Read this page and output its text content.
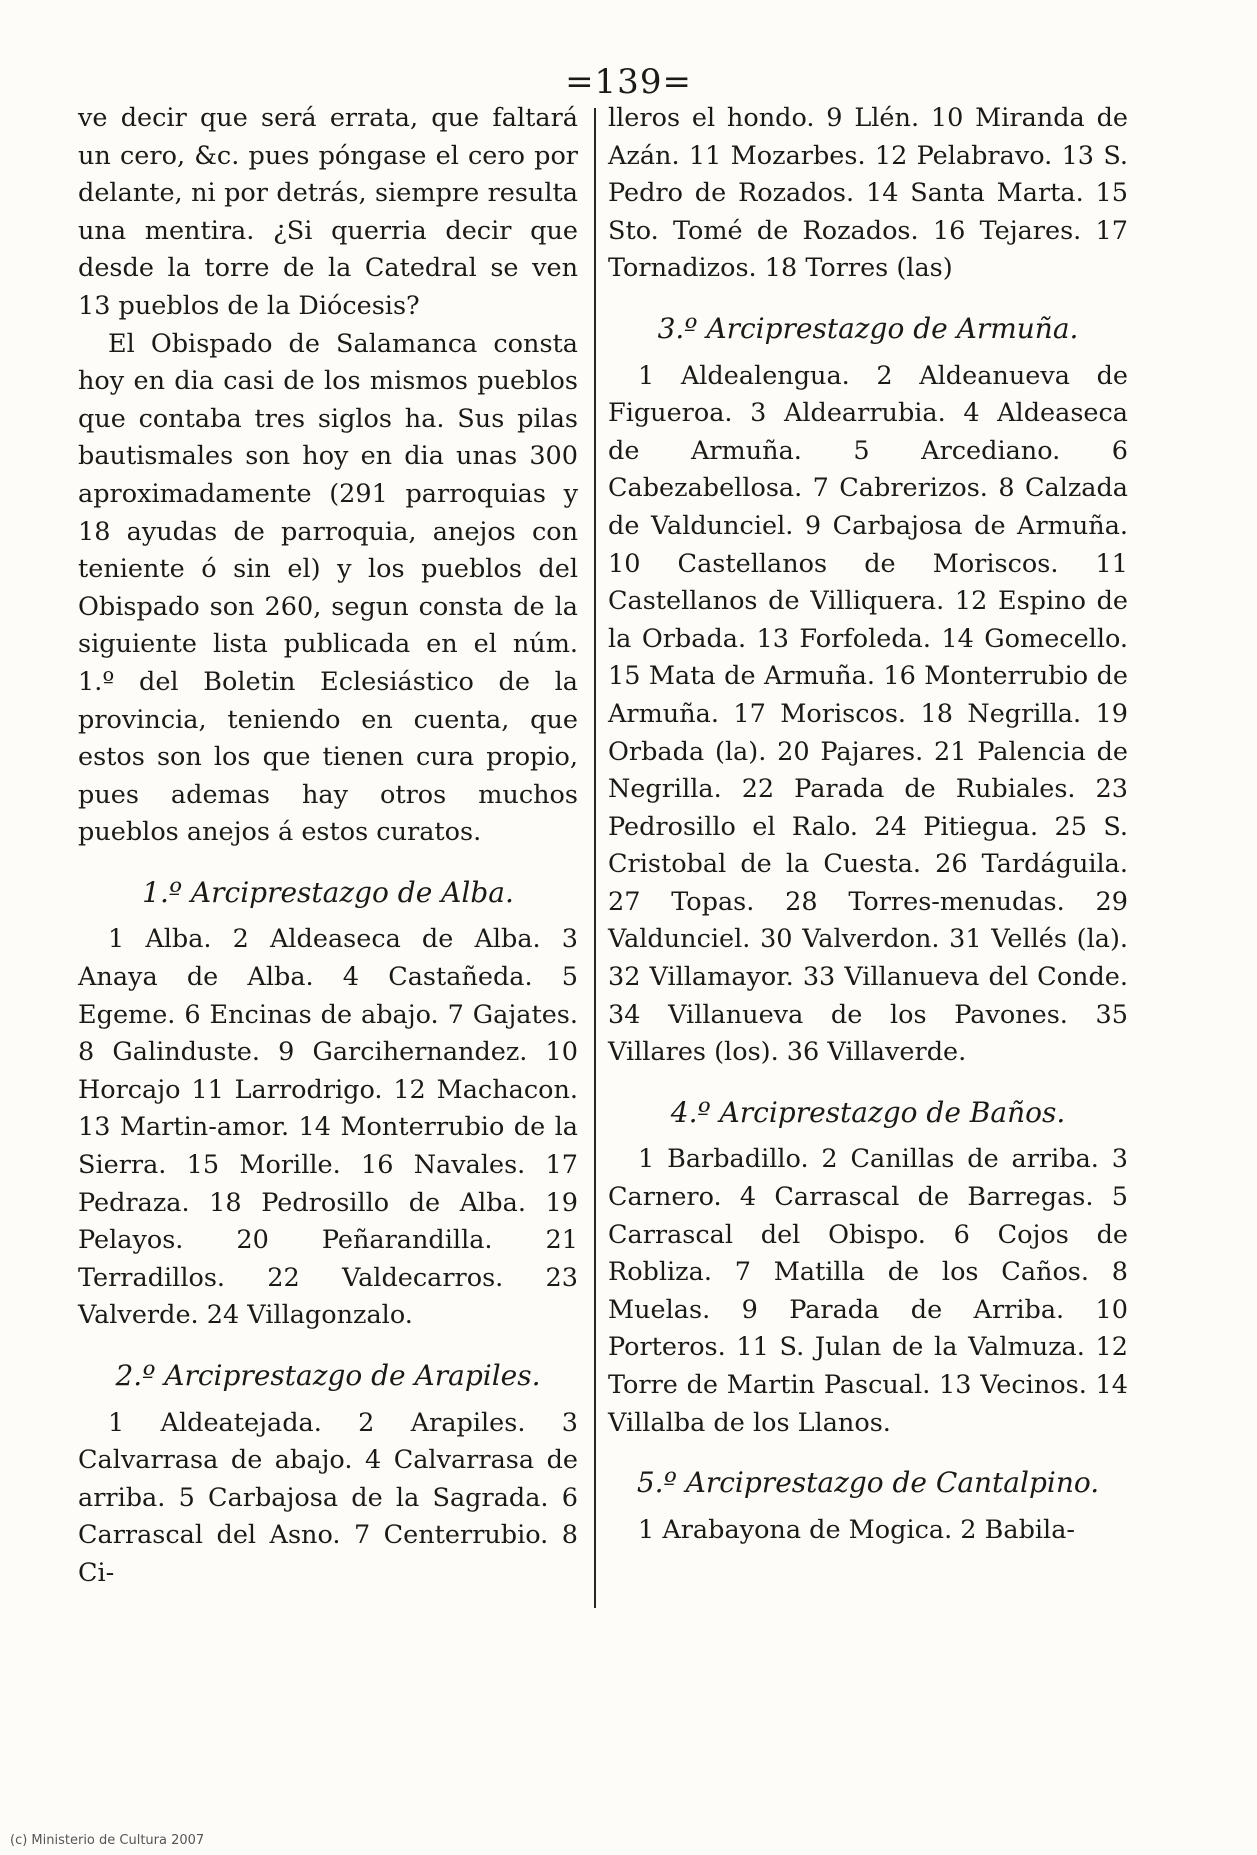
=139=

ve decir que será errata, que faltará un cero, &c. pues póngase el cero por delante, ni por detrás, siempre resulta una mentira. ¿Si querria decir que desde la torre de la Catedral se ven 13 pueblos de la Diócesis?

El Obispado de Salamanca consta hoy en dia casi de los mismos pueblos que contaba tres siglos ha. Sus pilas bautismales son hoy en dia unas 300 aproximadamente (291 parroquias y 18 ayudas de parroquia, anejos con teniente ó sin el) y los pueblos del Obispado son 260, segun consta de la siguiente lista publicada en el núm. 1.º del Boletin Eclesiástico de la provincia, teniendo en cuenta, que estos son los que tienen cura propio, pues ademas hay otros muchos pueblos anejos á estos curatos.

1.º Arciprestazgo de Alba.

1 Alba. 2 Aldeaseca de Alba. 3 Anaya de Alba. 4 Castañeda. 5 Egeme. 6 Encinas de abajo. 7 Gajates. 8 Galinduste. 9 Garcihernandez. 10 Horcajo 11 Larrodrigo. 12 Machacon. 13 Martin-amor. 14 Monterrubio de la Sierra. 15 Morille. 16 Navales. 17 Pedraza. 18 Pedrosillo de Alba. 19 Pelayos. 20 Peñarandilla. 21 Terradillos. 22 Valdecarros. 23 Valverde. 24 Villagonzalo.

2.º Arciprestazgo de Arapiles.

1 Aldeatejada. 2 Arapiles. 3 Calvarrasa de abajo. 4 Calvarrasa de arriba. 5 Carbajosa de la Sagrada. 6 Carrascal del Asno. 7 Centerrubio. 8 Ci-

lleros el hondo. 9 Llén. 10 Miranda de Azán. 11 Mozarbes. 12 Pelabravo. 13 S. Pedro de Rozados. 14 Santa Marta. 15 Sto. Tomé de Rozados. 16 Tejares. 17 Tornadizos. 18 Torres (las)

3.º Arciprestazgo de Armuña.

1 Aldealengua. 2 Aldeanueva de Figueroa. 3 Aldearrubia. 4 Aldeaseca de Armuña. 5 Arcediano. 6 Cabezabellosa. 7 Cabrerizos. 8 Calzada de Valdunciel. 9 Carbajosa de Armuña. 10 Castellanos de Moriscos. 11 Castellanos de Villiquera. 12 Espino de la Orbada. 13 Forfoleda. 14 Gomecello. 15 Mata de Armuña. 16 Monterrubio de Armuña. 17 Moriscos. 18 Negrilla. 19 Orbada (la). 20 Pajares. 21 Palencia de Negrilla. 22 Parada de Rubiales. 23 Pedrosillo el Ralo. 24 Pitiegua. 25 S. Cristobal de la Cuesta. 26 Tardáguila. 27 Topas. 28 Torres-menudas. 29 Valdunciel. 30 Valverdon. 31 Vellés (la). 32 Villamayor. 33 Villanueva del Conde. 34 Villanueva de los Pavones. 35 Villares (los). 36 Villaverde.

4.º Arciprestazgo de Baños.

1 Barbadillo. 2 Canillas de arriba. 3 Carnero. 4 Carrascal de Barregas. 5 Carrascal del Obispo. 6 Cojos de Robliza. 7 Matilla de los Caños. 8 Muelas. 9 Parada de Arriba. 10 Porteros. 11 S. Julan de la Valmuza. 12 Torre de Martin Pascual. 13 Vecinos. 14 Villalba de los Llanos.

5.º Arciprestazgo de Cantalpino.

1 Arabayona de Mogica. 2 Babila-

(c) Ministerio de Cultura 2007
